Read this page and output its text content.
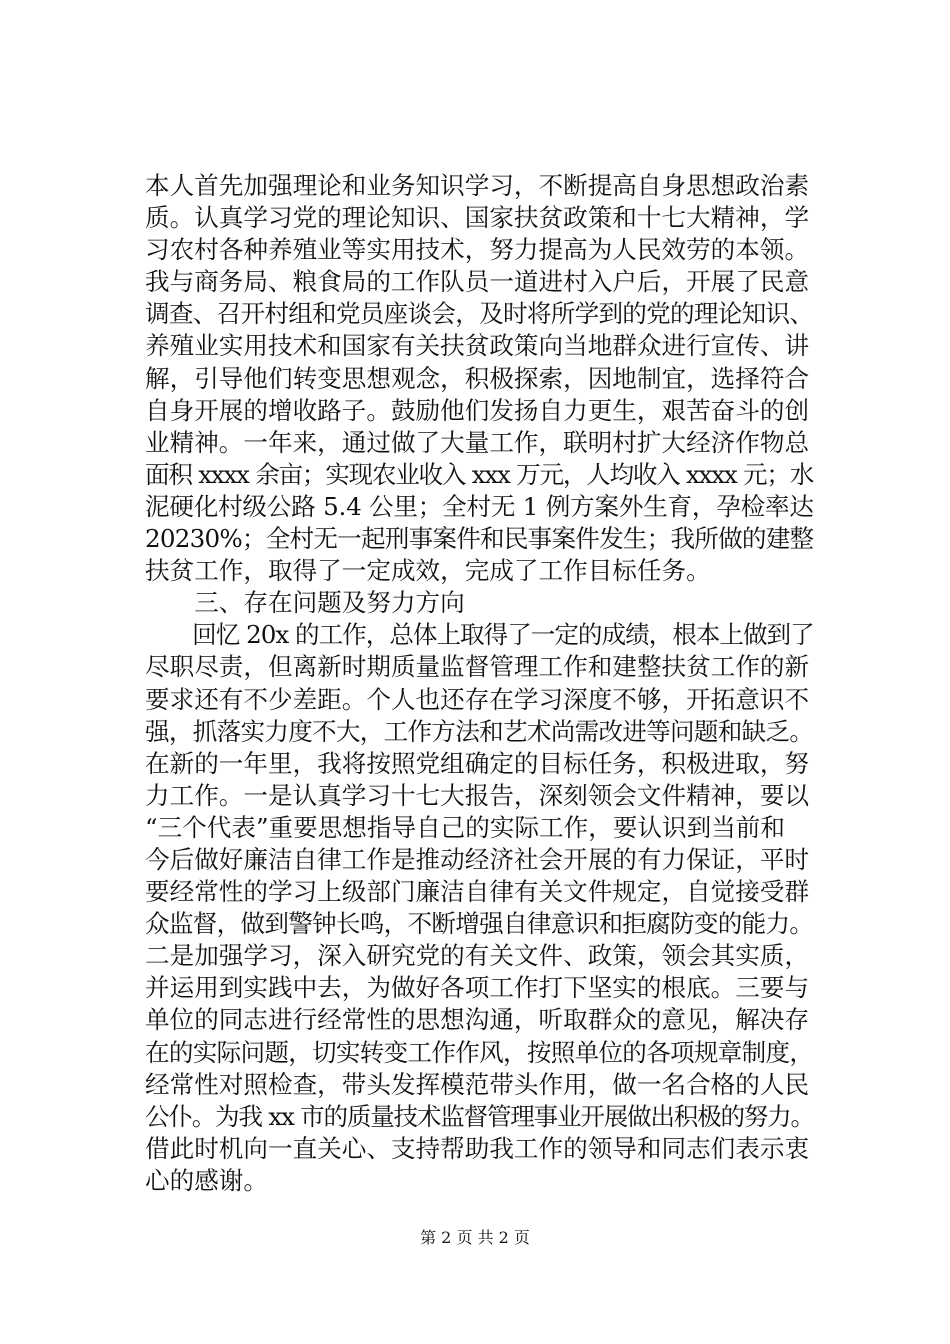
本人首先加强理论和业务知识学习，不断提高自身思想政治素
质。认真学习党的理论知识、国家扶贫政策和十七大精神，学
习农村各种养殖业等实用技术，努力提高为人民效劳的本领。
我与商务局、粮食局的工作队员一道进村入户后，开展了民意
调查、召开村组和党员座谈会，及时将所学到的党的理论知识、
养殖业实用技术和国家有关扶贫政策向当地群众进行宣传、讲
解，引导他们转变思想观念，积极探索，因地制宜，选择符合
自身开展的增收路子。鼓励他们发扬自力更生，艰苦奋斗的创
业精神。一年来，通过做了大量工作，联明村扩大经济作物总
面积 xxxx 余亩；实现农业收入 xxx 万元，人均收入 xxxx 元；水
泥硬化村级公路 5.4 公里；全村无 1 例方案外生育，孕检率达
20230%；全村无一起刑事案件和民事案件发生；我所做的建整
扶贫工作，取得了一定成效，完成了工作目标任务。
　　三、存在问题及努力方向
　　回忆 20x 的工作，总体上取得了一定的成绩，根本上做到了
尽职尽责，但离新时期质量监督管理工作和建整扶贫工作的新
要求还有不少差距。个人也还存在学习深度不够，开拓意识不
强，抓落实力度不大，工作方法和艺术尚需改进等问题和缺乏。
在新的一年里，我将按照党组确定的目标任务，积极进取，努
力工作。一是认真学习十七大报告，深刻领会文件精神，要以
“三个代表”重要思想指导自己的实际工作，要认识到当前和
今后做好廉洁自律工作是推动经济社会开展的有力保证，平时
要经常性的学习上级部门廉洁自律有关文件规定，自觉接受群
众监督，做到警钟长鸣，不断增强自律意识和拒腐防变的能力。
二是加强学习，深入研究党的有关文件、政策，领会其实质，
并运用到实践中去，为做好各项工作打下坚实的根底。三要与
单位的同志进行经常性的思想沟通，听取群众的意见，解决存
在的实际问题，切实转变工作作风，按照单位的各项规章制度，
经常性对照检查，带头发挥模范带头作用，做一名合格的人民
公仆。为我 xx 市的质量技术监督管理事业开展做出积极的努力。
借此时机向一直关心、支持帮助我工作的领导和同志们表示衷
心的感谢。
第 2 页 共 2 页
